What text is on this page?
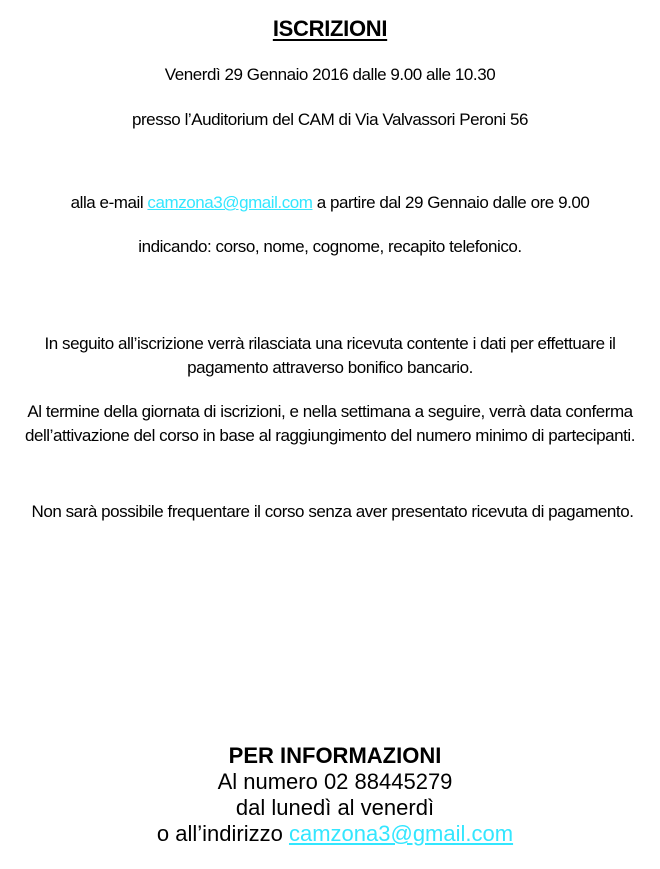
ISCRIZIONI
Venerdì 29 Gennaio 2016 dalle 9.00 alle 10.30
presso l’Auditorium del CAM di Via Valvassori Peroni 56
alla e-mail camzona3@gmail.com a partire dal 29 Gennaio dalle ore 9.00
indicando: corso, nome, cognome, recapito telefonico.
In seguito all’iscrizione verrà rilasciata una ricevuta contente i dati per effettuare il pagamento attraverso bonifico bancario.
Al termine della giornata di iscrizioni, e nella settimana a seguire, verrà data conferma dell’attivazione del corso in base al raggiungimento del numero minimo di partecipanti.
Non sarà possibile frequentare il corso senza aver presentato ricevuta di pagamento.
PER INFORMAZIONI
Al numero 02 88445279
dal lunedì al venerdì
o all’indirizzo camzona3@gmail.com
